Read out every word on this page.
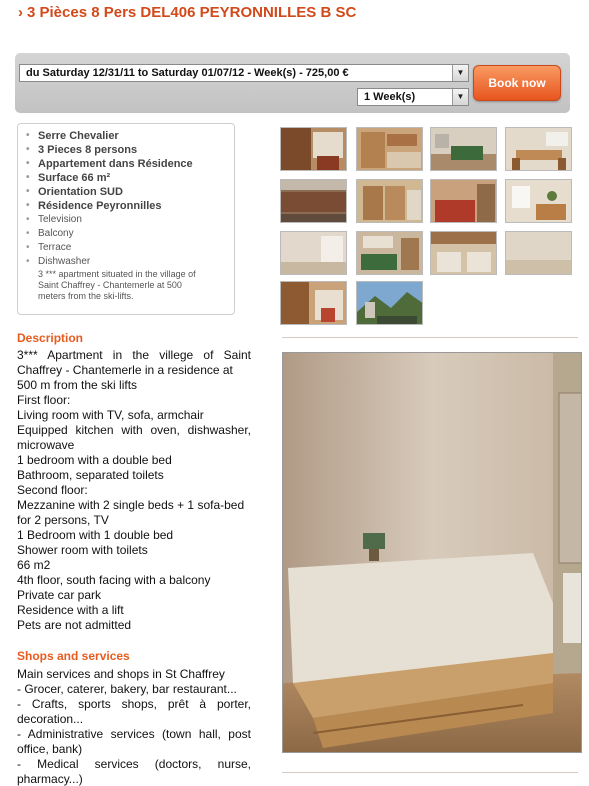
› 3 Pièces 8 Pers DEL406 PEYRONNILLES B SC
du Saturday 12/31/11 to Saturday 01/07/12 - Week(s) - 725,00 €	▼
1 Week(s)	▼
Book now
• Serre Chevalier
• 3 Pieces 8 persons
• Appartement dans Résidence
• Surface 66 m²
• Orientation SUD
• Résidence Peyronnilles
• Television
• Balcony
• Terrace
• Dishwasher
3 *** apartment situated in the village of
Saint Chaffrey - Chantemerle at 500
meters from the ski-lifts.
Description
3*** Apartment in the villege of Saint
Chaffrey - Chantemerle in a residence at
500 m from the ski lifts
First floor:
Living room with TV, sofa, armchair
Equipped kitchen with oven, dishwasher,
microwave
1 bedroom with a double bed
Bathroom, separated toilets
Second floor:
Mezzanine with 2 single beds + 1 sofa-bed
for 2 persons, TV
1 Bedroom with 1 double bed
Shower room with toilets
66 m2
4th floor, south facing with a balcony
Private car park
Residence with a lift
Pets are not admitted
Shops and services
Main services and shops in St Chaffrey
- Grocer, caterer, bakery, bar restaurant...
- Crafts, sports shops, prêt à porter,
decoration...
- Administrative services (town hall, post
office, bank)
- Medical services (doctors, nurse,
pharmacy...)
